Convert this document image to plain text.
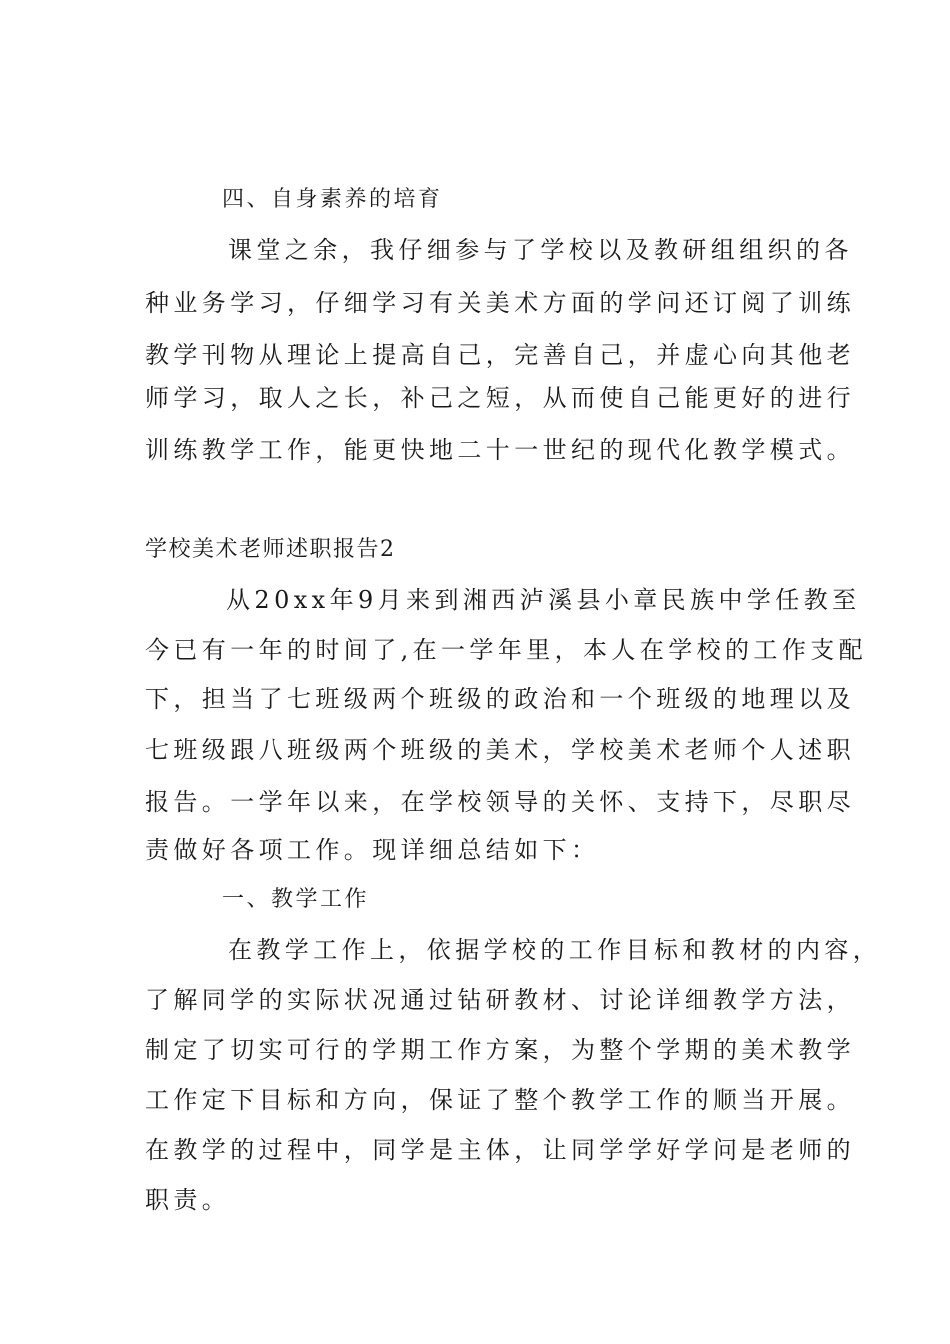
四、自身素养的培育
课堂之余，我仔细参与了学校以及教研组组织的各
种业务学习，仔细学习有关美术方面的学问还订阅了训练
教学刊物从理论上提高自己，完善自己，并虚心向其他老
师学习，取人之长，补己之短，从而使自己能更好的进行
训练教学工作，能更快地二十一世纪的现代化教学模式。
学校美术老师述职报告2
从20xx年9月来到湘西泸溪县小章民族中学任教至
今已有一年的时间了,在一学年里，本人在学校的工作支配
下，担当了七班级两个班级的政治和一个班级的地理以及
七班级跟八班级两个班级的美术，学校美术老师个人述职
报告。一学年以来，在学校领导的关怀、支持下，尽职尽
责做好各项工作。现详细总结如下：
一、教学工作
在教学工作上，依据学校的工作目标和教材的内容，
了解同学的实际状况通过钻研教材、讨论详细教学方法，
制定了切实可行的学期工作方案，为整个学期的美术教学
工作定下目标和方向，保证了整个教学工作的顺当开展。
在教学的过程中，同学是主体，让同学学好学问是老师的
职责。
